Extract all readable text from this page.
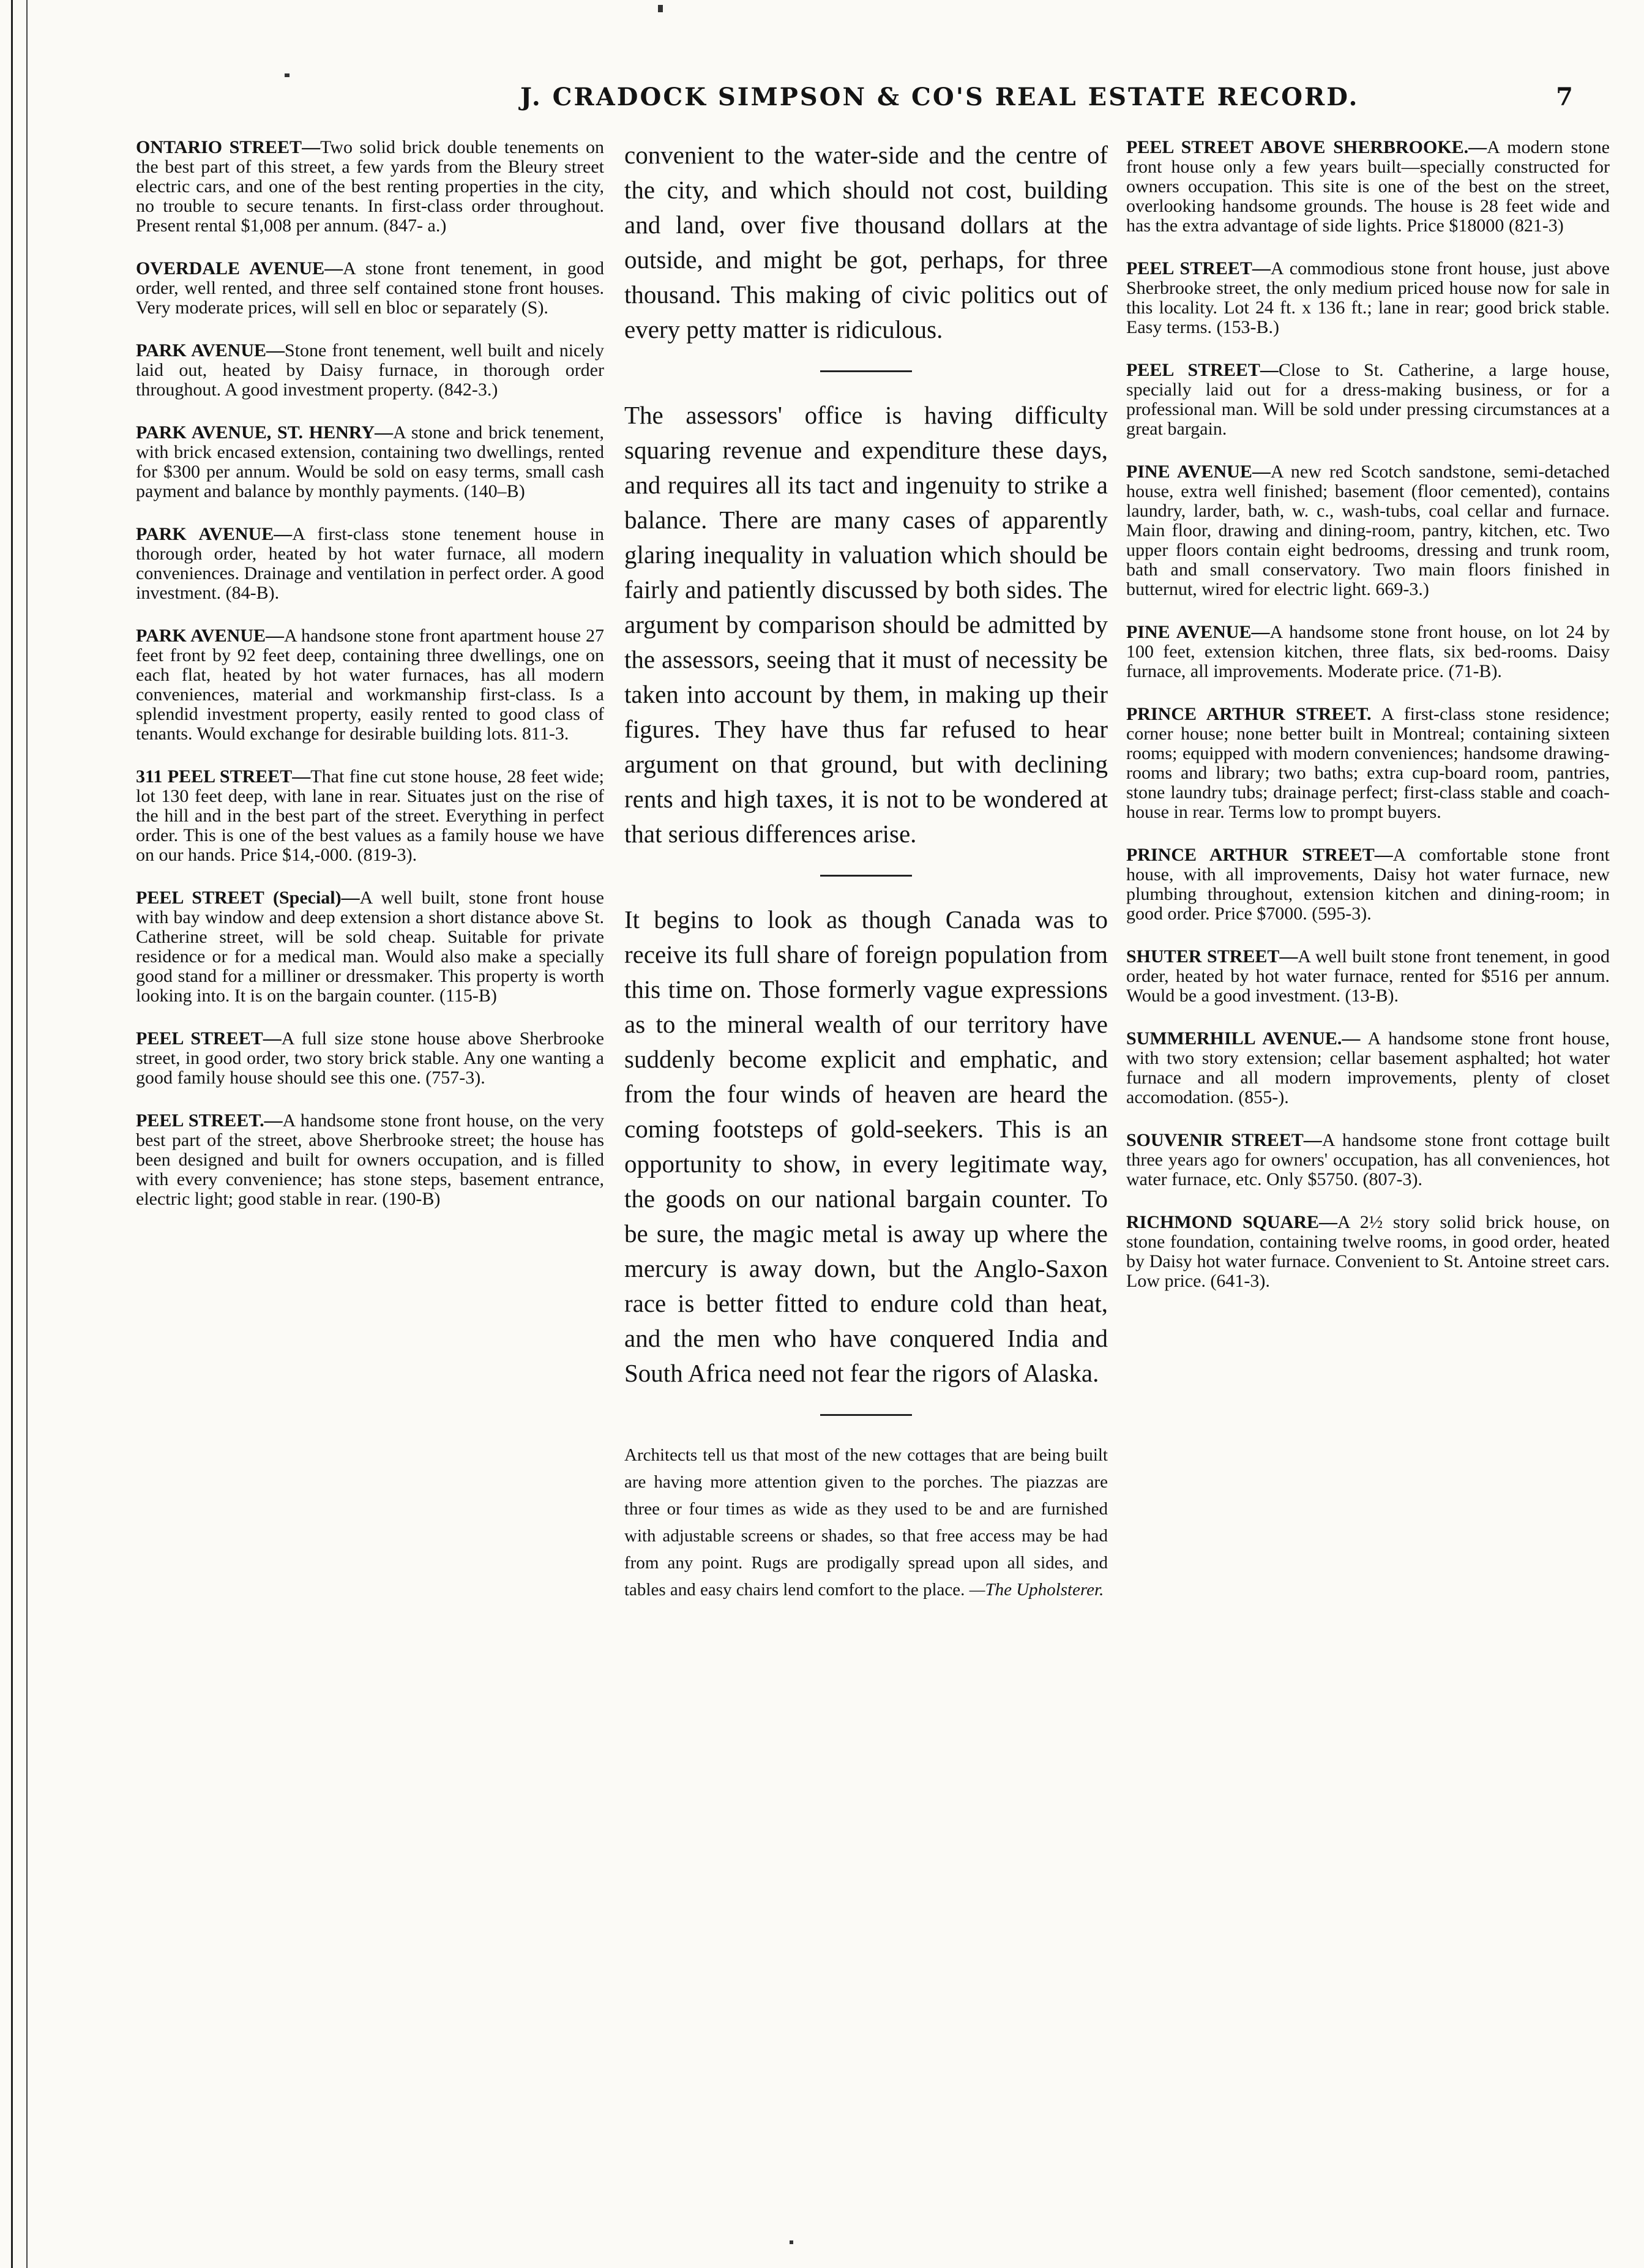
J. CRADOCK SIMPSON & CO'S REAL ESTATE RECORD.	7

ONTARIO STREET—Two solid brick double tenements on the best part of this street, a few yards from the Bleury street electric cars, and one of the best renting properties in the city, no trouble to secure tenants. In first-class order throughout. Present rental $1,008 per annum. (847- a.)

OVERDALE AVENUE—A stone front tenement, in good order, well rented, and three self contained stone front houses. Very moderate prices, will sell en bloc or separately (S).

PARK AVENUE—Stone front tenement, well built and nicely laid out, heated by Daisy furnace, in thorough order throughout. A good investment property. (842-3.)

PARK AVENUE, ST. HENRY—A stone and brick tenement, with brick encased extension, containing two dwellings, rented for $300 per annum. Would be sold on easy terms, small cash payment and balance by monthly payments. (140–B)

PARK AVENUE—A first-class stone tenement house in thorough order, heated by hot water furnace, all modern conveniences. Drainage and ventilation in perfect order. A good investment. (84-B).

PARK AVENUE—A handsone stone front apartment house 27 feet front by 92 feet deep, containing three dwellings, one on each flat, heated by hot water furnaces, has all modern conveniences, material and workmanship first-class. Is a splendid investment property, easily rented to good class of tenants. Would exchange for desirable building lots. 811-3.

311 PEEL STREET—That fine cut stone house, 28 feet wide; lot 130 feet deep, with lane in rear. Situates just on the rise of the hill and in the best part of the street. Everything in perfect order. This is one of the best values as a family house we have on our hands. Price $14,-000. (819-3).

PEEL STREET (Special)—A well built, stone front house with bay window and deep extension a short distance above St. Catherine street, will be sold cheap. Suitable for private residence or for a medical man. Would also make a specially good stand for a milliner or dressmaker. This property is worth looking into. It is on the bargain counter. (115-B)

PEEL STREET—A full size stone house above Sherbrooke street, in good order, two story brick stable. Any one wanting a good family house should see this one. (757-3).

PEEL STREET.—A handsome stone front house, on the very best part of the street, above Sherbrooke street; the house has been designed and built for owners occupation, and is filled with every convenience; has stone steps, basement entrance, electric light; good stable in rear. (190-B)

convenient to the water-side and the centre of the city, and which should not cost, building and land, over five thousand dollars at the outside, and might be got, perhaps, for three thousand. This making of civic politics out of every petty matter is ridiculous.

The assessors' office is having difficulty squaring revenue and expenditure these days, and requires all its tact and ingenuity to strike a balance. There are many cases of apparently glaring inequality in valuation which should be fairly and patiently discussed by both sides. The argument by comparison should be admitted by the assessors, seeing that it must of necessity be taken into account by them, in making up their figures. They have thus far refused to hear argument on that ground, but with declining rents and high taxes, it is not to be wondered at that serious differences arise.

It begins to look as though Canada was to receive its full share of foreign population from this time on. Those formerly vague expressions as to the mineral wealth of our territory have suddenly become explicit and emphatic, and from the four winds of heaven are heard the coming footsteps of gold-seekers. This is an opportunity to show, in every legitimate way, the goods on our national bargain counter. To be sure, the magic metal is away up where the mercury is away down, but the Anglo-Saxon race is better fitted to endure cold than heat, and the men who have conquered India and South Africa need not fear the rigors of Alaska.

Architects tell us that most of the new cottages that are being built are having more attention given to the porches. The piazzas are three or four times as wide as they used to be and are furnished with adjustable screens or shades, so that free access may be had from any point. Rugs are prodigally spread upon all sides, and tables and easy chairs lend comfort to the place. —The Upholsterer.

PEEL STREET ABOVE SHERBROOKE.—A modern stone front house only a few years built—specially constructed for owners occupation. This site is one of the best on the street, overlooking handsome grounds. The house is 28 feet wide and has the extra advantage of side lights. Price $18000 (821-3)

PEEL STREET—A commodious stone front house, just above Sherbrooke street, the only medium priced house now for sale in this locality. Lot 24 ft. x 136 ft.; lane in rear; good brick stable. Easy terms. (153-B.)

PEEL STREET—Close to St. Catherine, a large house, specially laid out for a dress-making business, or for a professional man. Will be sold under pressing circumstances at a great bargain.

PINE AVENUE—A new red Scotch sandstone, semi-detached house, extra well finished; basement (floor cemented), contains laundry, larder, bath, w. c., wash-tubs, coal cellar and furnace. Main floor, drawing and dining-room, pantry, kitchen, etc. Two upper floors contain eight bedrooms, dressing and trunk room, bath and small conservatory. Two main floors finished in butternut, wired for electric light. 669-3.)

PINE AVENUE—A handsome stone front house, on lot 24 by 100 feet, extension kitchen, three flats, six bed-rooms. Daisy furnace, all improvements. Moderate price. (71-B).

PRINCE ARTHUR STREET. A first-class stone residence; corner house; none better built in Montreal; containing sixteen rooms; equipped with modern conveniences; handsome drawing-rooms and library; two baths; extra cup-board room, pantries, stone laundry tubs; drainage perfect; first-class stable and coach-house in rear. Terms low to prompt buyers.

PRINCE ARTHUR STREET—A comfortable stone front house, with all improvements, Daisy hot water furnace, new plumbing throughout, extension kitchen and dining-room; in good order. Price $7000. (595-3).

SHUTER STREET—A well built stone front tenement, in good order, heated by hot water furnace, rented for $516 per annum. Would be a good investment. (13-B).

SUMMERHILL AVENUE.— A handsome stone front house, with two story extension; cellar basement asphalted; hot water furnace and all modern improvements, plenty of closet accomodation. (855-).

SOUVENIR STREET—A handsome stone front cottage built three years ago for owners' occupation, has all conveniences, hot water furnace, etc. Only $5750. (807-3).

RICHMOND SQUARE—A 2½ story solid brick house, on stone foundation, containing twelve rooms, in good order, heated by Daisy hot water furnace. Convenient to St. Antoine street cars. Low price. (641-3).
